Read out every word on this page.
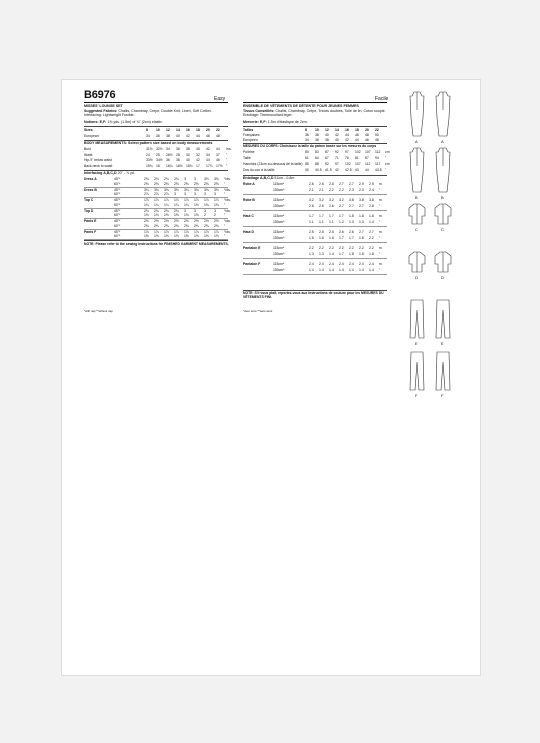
B6976	Easy
MISSES' LOUNGE SET
Suggested Fabrics: Challis, Chambray, Crepe, Double Knit, Linen, Soft Cotton. Interfacing: Lightweight Fusible.
Notions: E,F: 1⅝ yds. (1.5m) of ¾" (2cm) elastic.
Sizes	8 10 12 14 16 18 20 22
European	34 36 38 40 42 44 46 48
BODY MEASUREMENTS: Select pattern size based on body measurements
Bust	31½ 32½ 34 36 38 40 42 44 Ins.
Waist	24 25 26½ 28 30 32 34 37 "
Hip-9" below waist	33½ 34½ 36 38 40 42 44 46 "
Back-neck to waist	15¾ 16 16¼ 16½ 16¾ 17 17¼ 17½ "
Interfacing A,B,C,D 20" - ⅞ yd.
Dress A	45"*	2¾ 2¾ 2¾ 2¾ 3 3 3⅛ 3⅛ Yds.
60"*	2⅜ 2⅜ 2⅜ 2⅜ 2⅜ 2½ 2⅝ 2⅝ "
Dress B	45"*	3⅛ 3⅛ 3⅛ 3⅛ 3⅛ 3⅛ 3⅛ 3⅛ Yds.
60"*	2⅞ 2⅞ 2⅞ 3 3 3 3 3 "
Top C	45"*	1⅞ 1⅞ 1⅞ 1⅞ 1⅞ 1⅞ 1⅞ 1⅞ Yds.
60"*	1¼ 1¼ 1¼ 1¼ 1¼ 1⅜ 1⅜ 1⅜ "
Top D	45"*	2¾ 2¾ 2¾ 2¾ 3 3 3 3 Yds.
60"*	1⅝ 1⅝ 1⅝ 1⅝ 1⅝ 1⅝ 2 2 "
Pants E	45"*	2½ 2½ 2½ 2½ 2½ 2½ 2½ 2½ Yds.
60"*	2⅜ 2⅜ 2⅜ 2⅜ 2⅜ 2⅜ 2⅜ 2⅜ "
Pants F	45"*	1⅞ 1⅞ 1⅞ 1⅞ 1⅞ 1⅞ 1⅞ 1⅞ Yds.
60"*	1⅝ 1⅝ 1⅝ 1⅝ 1⅝ 1⅝ 1⅝ 1⅝ "
NOTE: Please refer to the sewing instructions for FINISHED GARMENT MEASUREMENTS.
*with nap **without nap
Facile
ENSEMBLE DE VÊTEMENTS DE DÉTENTE POUR JEUNES FEMMES
Tissus Conseillés: Challis, Chambray, Crêpe, Tricots doubles, Toile de lin, Coton souple. Entoilage: Thermocollant léger.
Mercerie: E,F: 1.5m d'élastique de 2cm.
Tailles	8 10 12 14 16 18 20 22
Françaises	36 38 40 42 44 46 48 50
Européen	34 36 38 40 42 44 46 48
MESURES DU CORPS: Choisissez la taille du patron basée sur les mesures du corps
Poitrine	80 83 87 92 97 102 107 112 cm
Taille	61 64 67 71 76 81 87 94 "
Hanches (23cm au-dessous de la taille) 85 88 92 97 102 107 112 117 cm
Dos du cou à la taille	40 40.5 41.5 42 42.5 43 44 44.5 "
Entoilage A,B,C,D 51cm - 0.8m
Robe A	115cm*	2.6 2.6 2.6 2.7 2.7 2.9 2.9 m
150cm*	2.1 2.1 2.2 2.2 2.3 2.3 2.4 "
Robe B	115cm*	3.2 3.2 3.2 3.2 3.8 3.8 3.8 m
150cm*	2.6 2.6 2.6 2.7 2.7 2.7 2.8 "
Haut C	115cm*	1.7 1.7 1.7 1.7 1.8 1.8 1.8 m
150cm*	1.1 1.1 1.1 1.2 1.3 1.3 1.4 "
Haut D	115cm*	2.5 2.5 2.5 2.6 2.6 2.7 2.7 m
150cm*	1.6 1.6 1.6 1.7 1.7 1.8 2.2 "
Pantalon E	115cm*	2.2 2.2 2.2 2.2 2.2 2.2 2.2 m
150cm*	1.3 1.3 1.4 1.7 1.8 1.8 1.8 "
Pantalon F	115cm*	2.4 2.4 2.4 2.4 2.4 2.4 2.4 m
150cm*	1.4 1.4 1.4 1.4 1.4 1.4 1.4 "
NOTE: S'il vous plaît, reportez-vous aux instructions de couture pour les MESURES DU VÊTEMENTS FINI.
*avec sens **sans sens
A	A
B	B
C	C
D	D
E	E
F	F
